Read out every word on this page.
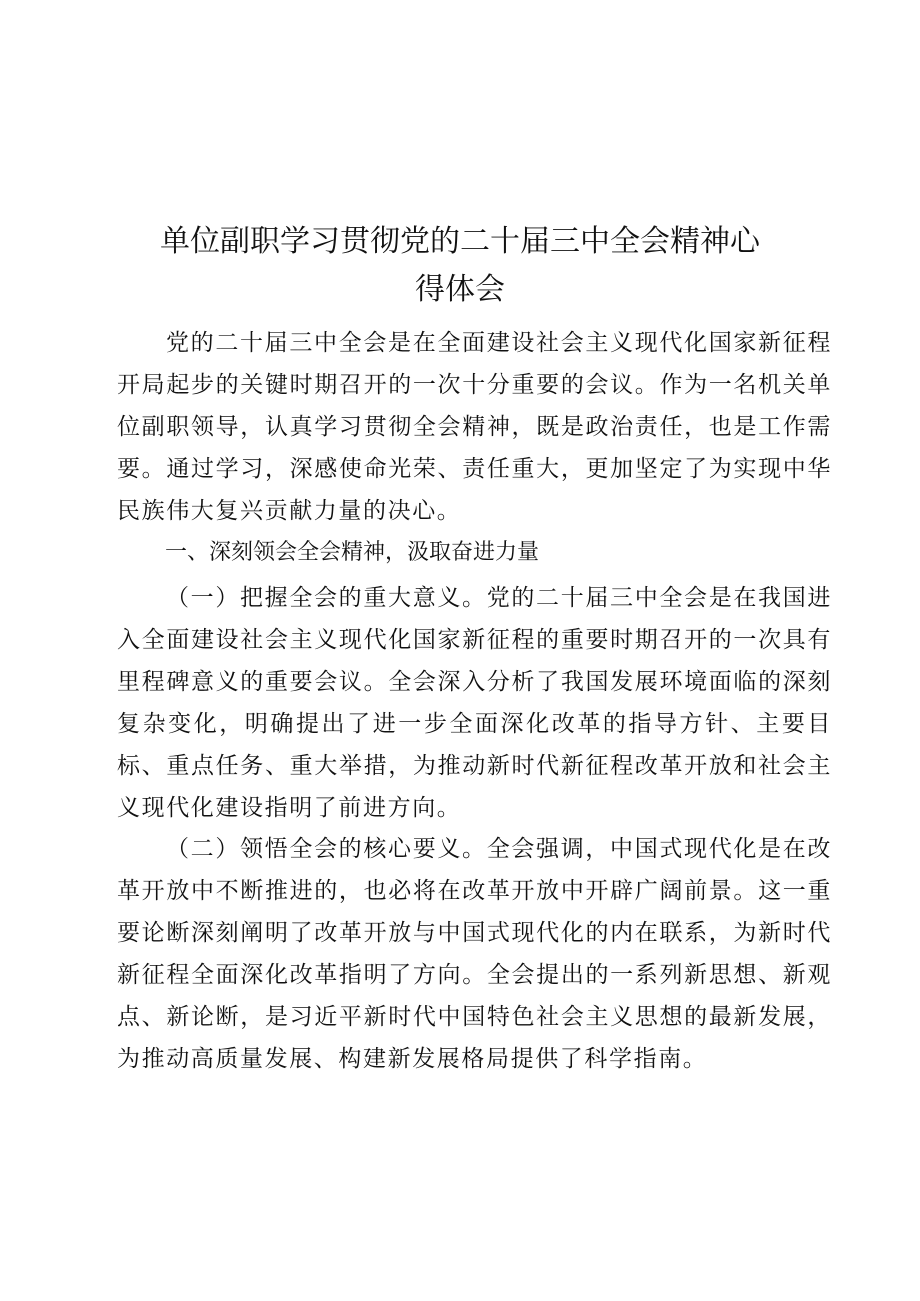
单位副职学习贯彻党的二十届三中全会精神心
得体会

党的二十届三中全会是在全面建设社会主义现代化国家新征程开局起步的关键时期召开的一次十分重要的会议。作为一名机关单位副职领导，认真学习贯彻全会精神，既是政治责任，也是工作需要。通过学习，深感使命光荣、责任重大，更加坚定了为实现中华民族伟大复兴贡献力量的决心。

一、深刻领会全会精神，汲取奋进力量

（一）把握全会的重大意义。党的二十届三中全会是在我国进入全面建设社会主义现代化国家新征程的重要时期召开的一次具有里程碑意义的重要会议。全会深入分析了我国发展环境面临的深刻复杂变化，明确提出了进一步全面深化改革的指导方针、主要目标、重点任务、重大举措，为推动新时代新征程改革开放和社会主义现代化建设指明了前进方向。

（二）领悟全会的核心要义。全会强调，中国式现代化是在改革开放中不断推进的，也必将在改革开放中开辟广阔前景。这一重要论断深刻阐明了改革开放与中国式现代化的内在联系，为新时代新征程全面深化改革指明了方向。全会提出的一系列新思想、新观点、新论断，是习近平新时代中国特色社会主义思想的最新发展，为推动高质量发展、构建新发展格局提供了科学指南。
